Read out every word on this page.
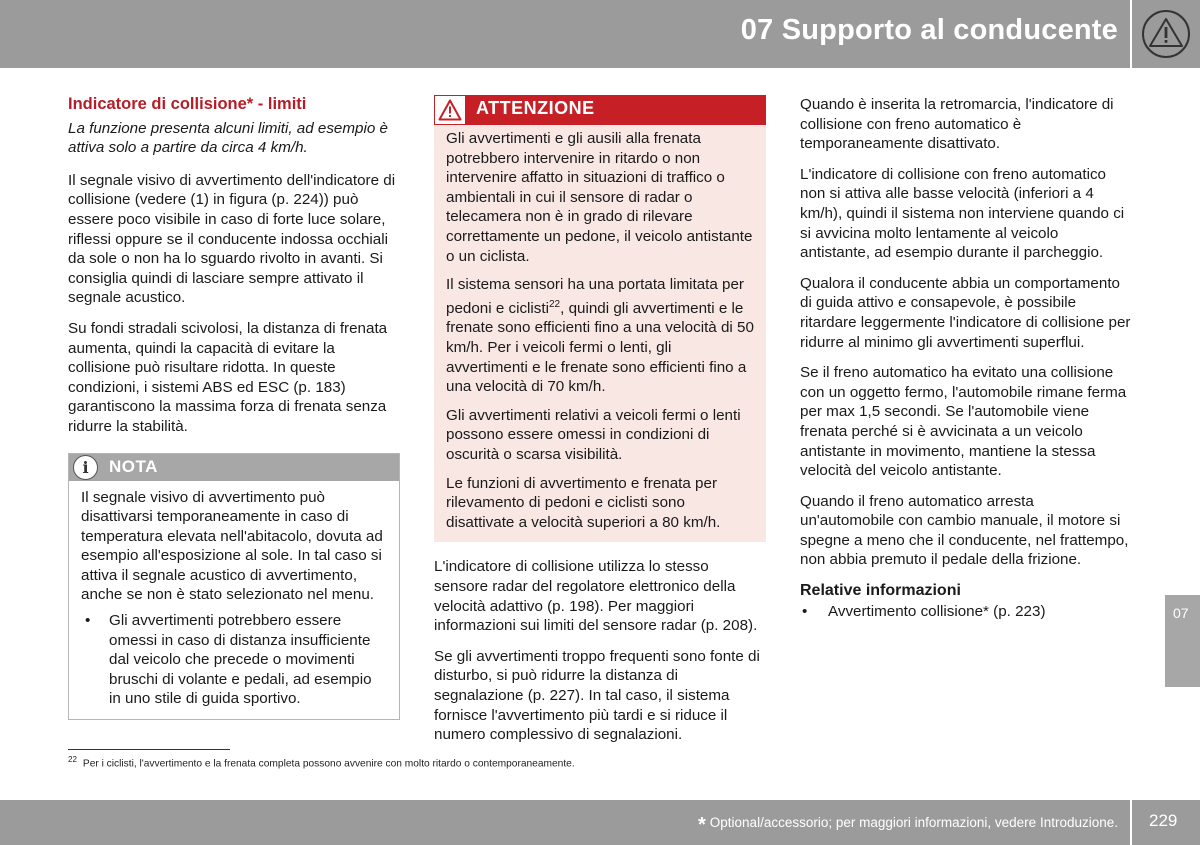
07 Supporto al conducente
Indicatore di collisione* - limiti

La funzione presenta alcuni limiti, ad esempio è attiva solo a partire da circa 4 km/h.

Il segnale visivo di avvertimento dell'indicatore di collisione (vedere (1) in figura (p. 224)) può essere poco visibile in caso di forte luce solare, riflessi oppure se il conducente indossa occhiali da sole o non ha lo sguardo rivolto in avanti. Si consiglia quindi di lasciare sempre attivato il segnale acustico.

Su fondi stradali scivolosi, la distanza di frenata aumenta, quindi la capacità di evitare la collisione può risultare ridotta. In queste condizioni, i sistemi ABS ed ESC (p. 183) garantiscono la massima forza di frenata senza ridurre la stabilità.

i	NOTA

Il segnale visivo di avvertimento può disattivarsi temporaneamente in caso di temperatura elevata nell'abitacolo, dovuta ad esempio all'esposizione al sole. In tal caso si attiva il segnale acustico di avvertimento, anche se non è stato selezionato nel menu.

• Gli avvertimenti potrebbero essere omessi in caso di distanza insufficiente dal veicolo che precede o movimenti bruschi di volante e pedali, ad esempio in uno stile di guida sportivo.
ATTENZIONE

Gli avvertimenti e gli ausili alla frenata potrebbero intervenire in ritardo o non intervenire affatto in situazioni di traffico o ambientali in cui il sensore di radar o telecamera non è in grado di rilevare correttamente un pedone, il veicolo antistante o un ciclista.

Il sistema sensori ha una portata limitata per pedoni e ciclisti$^{22}$, quindi gli avvertimenti e le frenate sono efficienti fino a una velocità di 50 km/h. Per i veicoli fermi o lenti, gli avvertimenti e le frenate sono efficienti fino a una velocità di 70 km/h.

Gli avvertimenti relativi a veicoli fermi o lenti possono essere omessi in condizioni di oscurità o scarsa visibilità.

Le funzioni di avvertimento e frenata per rilevamento di pedoni e ciclisti sono disattivate a velocità superiori a 80 km/h.

L'indicatore di collisione utilizza lo stesso sensore radar del regolatore elettronico della velocità adattivo (p. 198). Per maggiori informazioni sui limiti del sensore radar (p. 208).

Se gli avvertimenti troppo frequenti sono fonte di disturbo, si può ridurre la distanza di segnalazione (p. 227). In tal caso, il sistema fornisce l'avvertimento più tardi e si riduce il numero complessivo di segnalazioni.

Quando è inserita la retromarcia, l'indicatore di collisione con freno automatico è temporaneamente disattivato.

L'indicatore di collisione con freno automatico non si attiva alle basse velocità (inferiori a 4 km/h), quindi il sistema non interviene quando ci si avvicina molto lentamente al veicolo antistante, ad esempio durante il parcheggio.

Qualora il conducente abbia un comportamento di guida attivo e consapevole, è possibile ritardare leggermente l'indicatore di collisione per ridurre al minimo gli avvertimenti superflui.

Se il freno automatico ha evitato una collisione con un oggetto fermo, l'automobile rimane ferma per max 1,5 secondi. Se l'automobile viene frenata perché si è avvicinata a un veicolo antistante in movimento, mantiene la stessa velocità del veicolo antistante.

Quando il freno automatico arresta un'automobile con cambio manuale, il motore si spegne a meno che il conducente, nel frattempo, non abbia premuto il pedale della frizione.

Relative informazioni
• Avvertimento collisione* (p. 223)	07
$^{22}$ Per i ciclisti, l'avvertimento e la frenata completa possono avvenire con molto ritardo o contemporaneamente.
* Optional/accessorio; per maggiori informazioni, vedere Introduzione. 229
